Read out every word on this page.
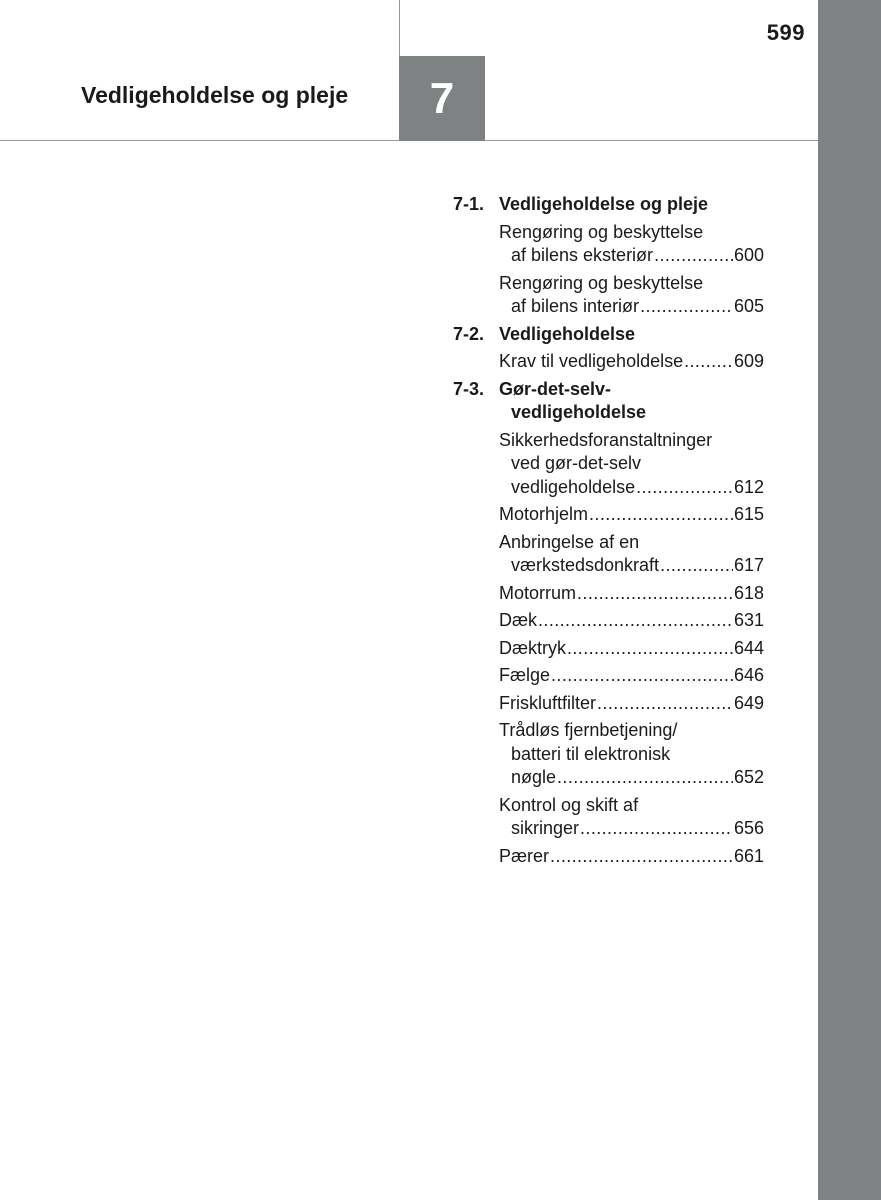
599
Vedligeholdelse og pleje 7
7-1. Vedligeholdelse og pleje
Rengøring og beskyttelse
af bilens eksteriør .....	600
Rengøring og beskyttelse
af bilens interiør .....	605
7-2. Vedligeholdelse
Krav til vedligeholdelse .....	609
7-3. Gør-det-selv-
vedligeholdelse
Sikkerhedsforanstaltninger
ved gør-det-selv
vedligeholdelse .....	612
Motorhjelm .....	615
Anbringelse af en
værkstedsdonkraft .....	617
Motorrum .....	618
Dæk .....	631
Dæktryk .....	644
Fælge .....	646
Friskluftfilter .....	649
Trådløs fjernbetjening/
batteri til elektronisk
nøgle .....	652
Kontrol og skift af
sikringer .....	656
Pærer .....	661
